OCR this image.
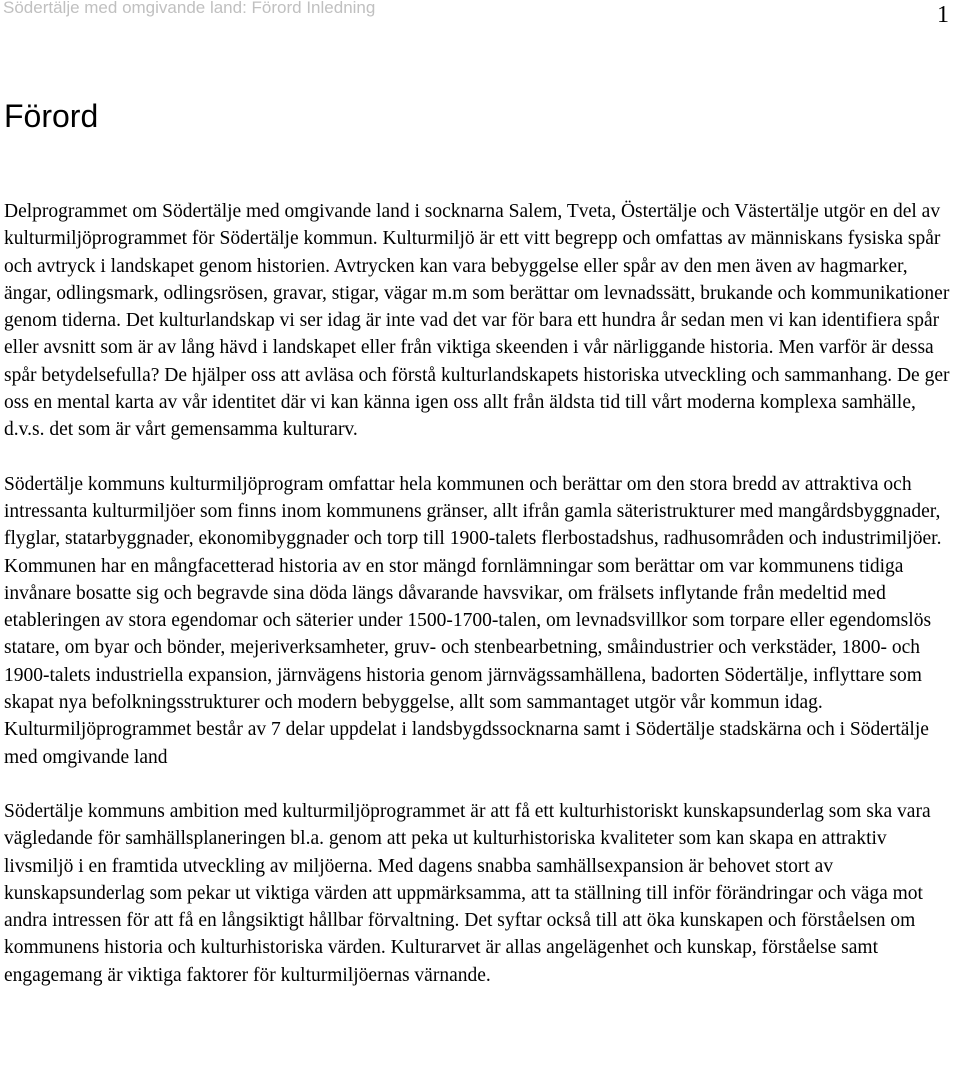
Södertälje med omgivande land: Förord Inledning	1
Förord

Delprogrammet om Södertälje med omgivande land i socknarna Salem, Tveta, Östertälje och Västertälje utgör en del av kulturmiljöprogrammet för Södertälje kommun. Kulturmiljö är ett vitt begrepp och omfattas av människans fysiska spår och avtryck i landskapet genom historien. Avtrycken kan vara bebyggelse eller spår av den men även av hagmarker, ängar, odlingsmark, odlingsrösen, gravar, stigar, vägar m.m som berättar om levnadssätt, brukande och kommunikationer genom tiderna. Det kulturlandskap vi ser idag är inte vad det var för bara ett hundra år sedan men vi kan identifiera spår eller avsnitt som är av lång hävd i landskapet eller från viktiga skeenden i vår närliggande historia. Men varför är dessa spår betydelsefulla? De hjälper oss att avläsa och förstå kulturlandskapets historiska utveckling och sammanhang. De ger oss en mental karta av vår identitet där vi kan känna igen oss allt från äldsta tid till vårt moderna komplexa samhälle, d.v.s. det som är vårt gemensamma kulturarv.

Södertälje kommuns kulturmiljöprogram omfattar hela kommunen och berättar om den stora bredd av attraktiva och intressanta kulturmiljöer som finns inom kommunens gränser, allt ifrån gamla säteristrukturer med mangårdsbyggnader, flyglar, statarbyggnader, ekonomibyggnader och torp till 1900-talets flerbostadshus, radhusområden och industrimiljöer. Kommunen har en mångfacetterad historia av en stor mängd fornlämningar som berättar om var kommunens tidiga invånare bosatte sig och begravde sina döda längs dåvarande havsvikar, om frälsets inflytande från medeltid med etableringen av stora egendomar och säterier under 1500-1700-talen, om levnadsvillkor som torpare eller egendomslös statare, om byar och bönder, mejeriverksamheter, gruv- och stenbearbetning, småindustrier och verkstäder, 1800- och 1900-talets industriella expansion, järnvägens historia genom järnvägssamhällena, badorten Södertälje, inflyttare som skapat nya befolkningsstrukturer och modern bebyggelse, allt som sammantaget utgör vår kommun idag. Kulturmiljöprogrammet består av 7 delar uppdelat i landsbygdssocknarna samt i Södertälje stadskärna och i Södertälje med omgivande land

Södertälje kommuns ambition med kulturmiljöprogrammet är att få ett kulturhistoriskt kunskapsunderlag som ska vara vägledande för samhällsplaneringen bl.a. genom att peka ut kulturhistoriska kvaliteter som kan skapa en attraktiv livsmiljö i en framtida utveckling av miljöerna. Med dagens snabba samhällsexpansion är behovet stort av kunskapsunderlag som pekar ut viktiga värden att uppmärksamma, att ta ställning till inför förändringar och väga mot andra intressen för att få en långsiktigt hållbar förvaltning. Det syftar också till att öka kunskapen och förståelsen om kommunens historia och kulturhistoriska värden. Kulturarvet är allas angelägenhet och kunskap, förståelse samt engagemang är viktiga faktorer för kulturmiljöernas värnande.
